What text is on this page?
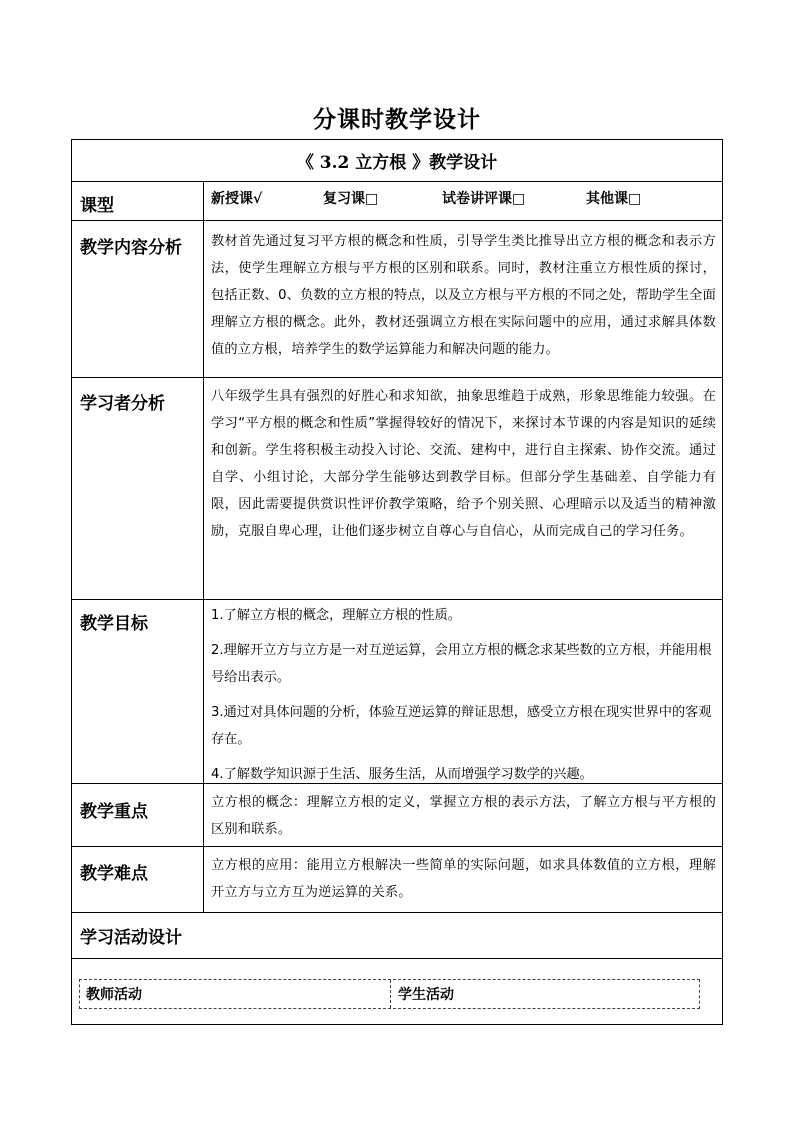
分课时教学设计
《 3.2 立方根 》教学设计
课型	新授课√	复习课□	试卷讲评课□	其他课□
教学内容分析 教材首先通过复习平方根的概念和性质，引导学生类比推导出立方根的概念和表示方法，使学生理解立方根与平方根的区别和联系。同时，教材注重立方根性质的探讨，包括正数、0、负数的立方根的特点，以及立方根与平方根的不同之处，帮助学生全面理解立方根的概念。此外，教材还强调立方根在实际问题中的应用，通过求解具体数值的立方根，培养学生的数学运算能力和解决问题的能力。

学习者分析	八年级学生具有强烈的好胜心和求知欲，抽象思维趋于成熟，形象思维能力较强。在学习“平方根的概念和性质”掌握得较好的情况下，来探讨本节课的内容是知识的延续和创新。学生将积极主动投入讨论、交流、建构中，进行自主探索、协作交流。通过自学、小组讨论，大部分学生能够达到教学目标。但部分学生基础差、自学能力有限，因此需要提供赏识性评价教学策略，给予个别关照、心理暗示以及适当的精神激励，克服自卑心理，让他们逐步树立自尊心与自信心，从而完成自己的学习任务。

教学目标	1.了解立方根的概念，理解立方根的性质。
2.理解开立方与立方是一对互逆运算，会用立方根的概念求某些数的立方根，并能用根号给出表示。
3.通过对具体问题的分析，体验互逆运算的辩证思想，感受立方根在现实世界中的客观存在。
4.了解数学知识源于生活、服务生活，从而增强学习数学的兴趣。
教学重点	立方根的概念：理解立方根的定义，掌握立方根的表示方法，了解立方根与平方根的区别和联系。

教学难点	立方根的应用：能用立方根解决一些简单的实际问题，如求具体数值的立方根，理解开立方与立方互为逆运算的关系。

学习活动设计
教师活动	学生活动
